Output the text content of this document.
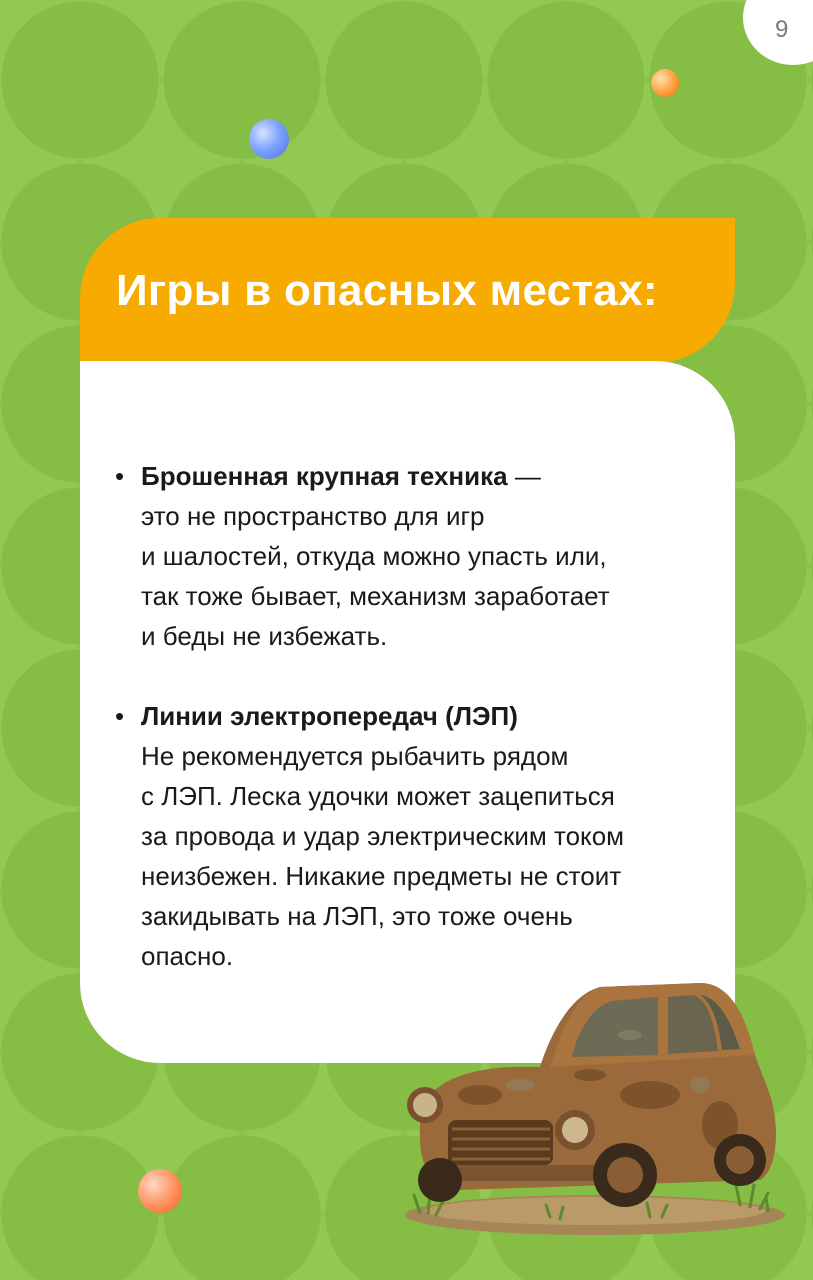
9
Игры в опасных местах:
• Брошенная крупная техника —
это не пространство для игр
и шалостей, откуда можно упасть или,
так тоже бывает, механизм заработает
и беды не избежать.
• Линии электропередач (ЛЭП)
Не рекомендуется рыбачить рядом
с ЛЭП. Леска удочки может зацепиться
за провода и удар электрическим током
неизбежен. Никакие предметы не стоит
закидывать на ЛЭП, это тоже очень
опасно.
